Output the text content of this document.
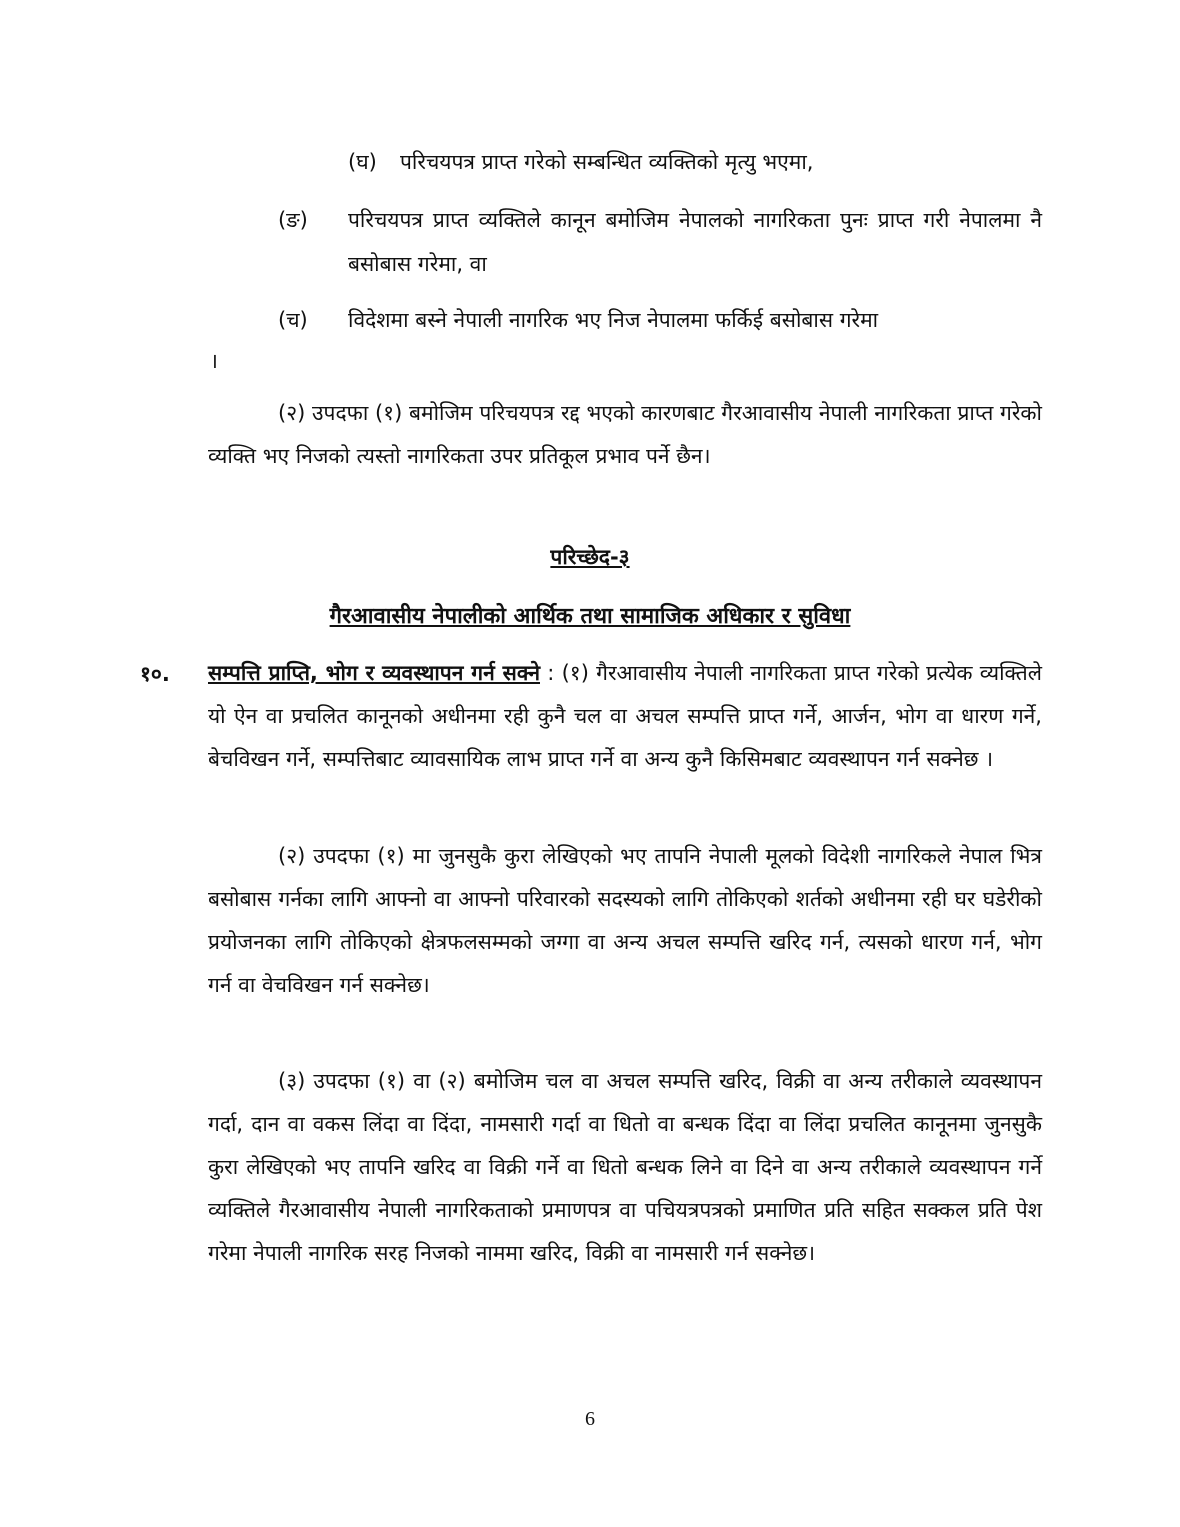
(घ) परिचयपत्र प्राप्त गरेको सम्बन्धित व्यक्तिको मृत्यु भएमा,
(ङ) परिचयपत्र प्राप्त व्यक्तिले कानून बमोजिम नेपालको नागरिकता पुनः प्राप्त गरी नेपालमा नै बसोबास गरेमा, वा
(च) विदेशमा बस्ने नेपाली नागरिक भए निज नेपालमा फर्किई बसोबास गरेमा
।

(२) उपदफा (१) बमोजिम परिचयपत्र रद्द भएको कारणबाट गैरआवासीय नेपाली नागरिकता प्राप्त गरेको व्यक्ति भए निजको त्यस्तो नागरिकता उपर प्रतिकूल प्रभाव पर्ने छैन।

परिच्छेद-३
गैरआवासीय नेपालीको आर्थिक तथा सामाजिक अधिकार र सुविधा
१०. सम्पत्ति प्राप्ति, भोग र व्यवस्थापन गर्न सक्ने : (१) गैरआवासीय नेपाली नागरिकता प्राप्त गरेको प्रत्येक व्यक्तिले यो ऐन वा प्रचलित कानूनको अधीनमा रही कुनै चल वा अचल सम्पत्ति प्राप्त गर्ने, आर्जन, भोग वा धारण गर्ने, बेचविखन गर्ने, सम्पत्तिबाट व्यावसायिक लाभ प्राप्त गर्ने वा अन्य कुनै किसिमबाट व्यवस्थापन गर्न सक्नेछ ।

(२) उपदफा (१) मा जुनसुकै कुरा लेखिएको भए तापनि नेपाली मूलको विदेशी नागरिकले नेपाल भित्र बसोबास गर्नका लागि आफ्नो वा आफ्नो परिवारको सदस्यको लागि तोकिएको शर्तको अधीनमा रही घर घडेरीको प्रयोजनका लागि तोकिएको क्षेत्रफलसम्मको जग्गा वा अन्य अचल सम्पत्ति खरिद गर्न, त्यसको धारण गर्न, भोग गर्न वा वेचविखन गर्न सक्नेछ।

(३) उपदफा (१) वा (२) बमोजिम चल वा अचल सम्पत्ति खरिद, विक्री वा अन्य तरीकाले व्यवस्थापन गर्दा, दान वा वकस लिंदा वा दिंदा, नामसारी गर्दा वा धितो वा बन्धक दिंदा वा लिंदा प्रचलित कानूनमा जुनसुकै कुरा लेखिएको भए तापनि खरिद वा विक्री गर्ने वा धितो बन्धक लिने वा दिने वा अन्य तरीकाले व्यवस्थापन गर्ने व्यक्तिले गैरआवासीय नेपाली नागरिकताको प्रमाणपत्र वा पचियत्रपत्रको प्रमाणित प्रति सहित सक्कल प्रति पेश गरेमा नेपाली नागरिक सरह निजको नाममा खरिद, विक्री वा नामसारी गर्न सक्नेछ।

6
